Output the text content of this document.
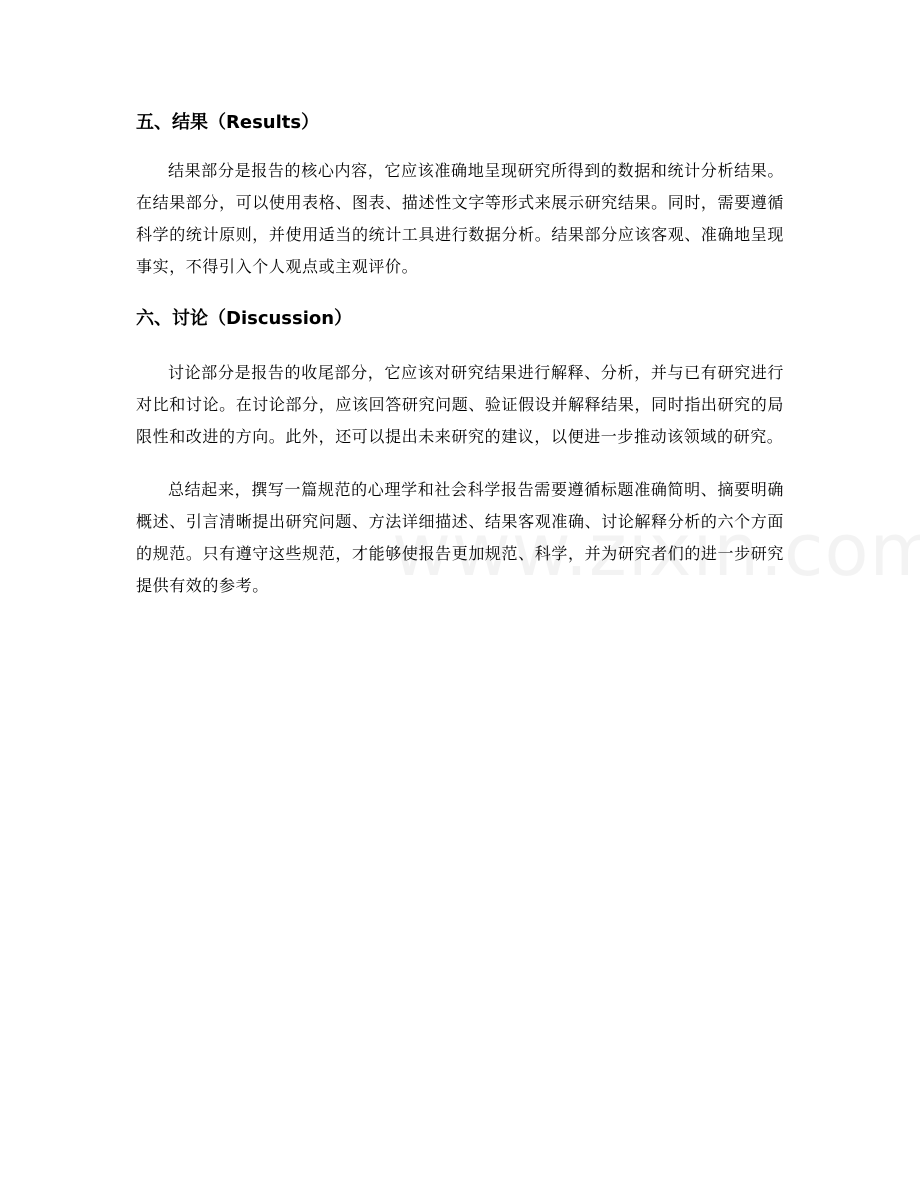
五、结果（Results）

结果部分是报告的核心内容，它应该准确地呈现研究所得到的数据和统计分析结果。在结果部分，可以使用表格、图表、描述性文字等形式来展示研究结果。同时，需要遵循科学的统计原则，并使用适当的统计工具进行数据分析。结果部分应该客观、准确地呈现事实，不得引入个人观点或主观评价。

六、讨论（Discussion）

讨论部分是报告的收尾部分，它应该对研究结果进行解释、分析，并与已有研究进行对比和讨论。在讨论部分，应该回答研究问题、验证假设并解释结果，同时指出研究的局限性和改进的方向。此外，还可以提出未来研究的建议，以便进一步推动该领域的研究。

总结起来，撰写一篇规范的心理学和社会科学报告需要遵循标题准确简明、摘要明确概述、引言清晰提出研究问题、方法详细描述、结果客观准确、讨论解释分析的六个方面的规范。只有遵守这些规范，才能够使报告更加规范、科学，并为研究者们的进一步研究提供有效的参考。
